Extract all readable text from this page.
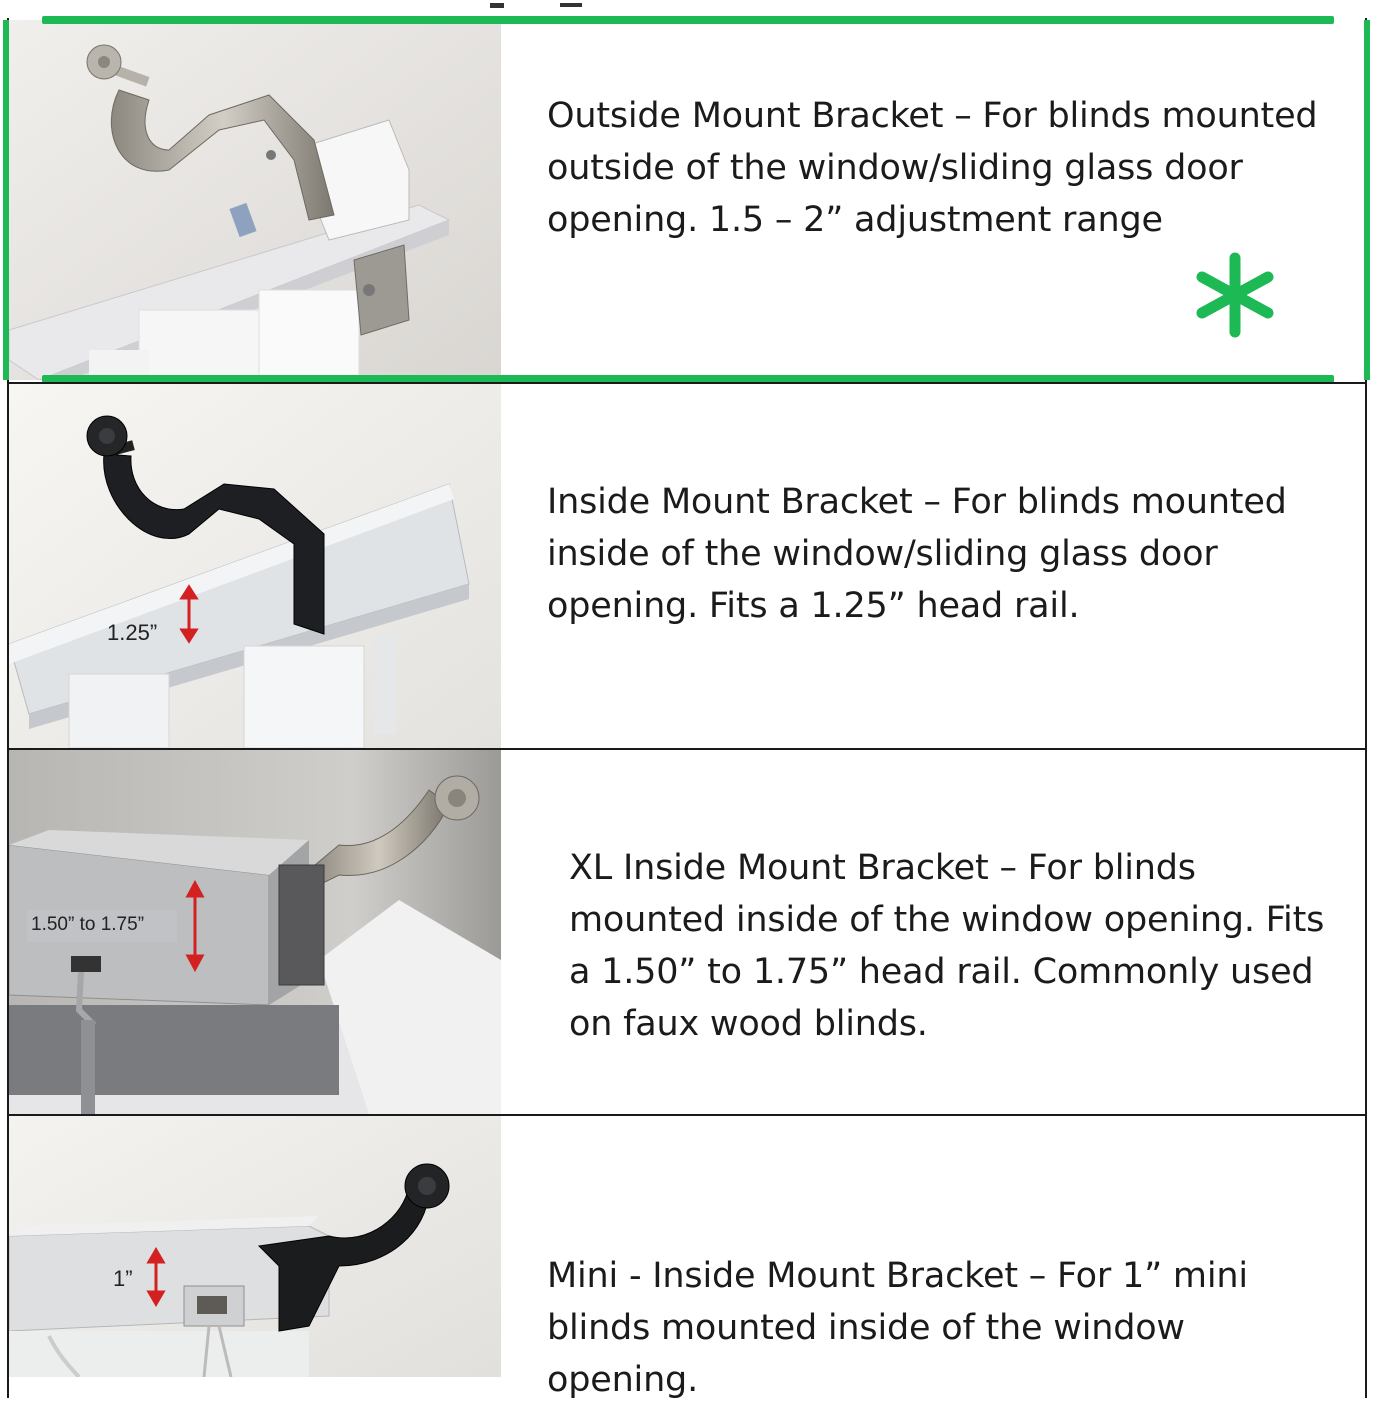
Outside Mount Bracket – For blinds mounted
outside of the window/sliding glass door
opening. 1.5 – 2” adjustment range

1.25”

Inside Mount Bracket – For blinds mounted
inside of the window/sliding glass door
opening. Fits a 1.25” head rail.

1.50” to 1.75”

XL Inside Mount Bracket – For blinds
mounted inside of the window opening. Fits
a 1.50” to 1.75” head rail. Commonly used
on faux wood blinds.

1”	Mini - Inside Mount Bracket – For 1” mini
blinds mounted inside of the window
opening.
